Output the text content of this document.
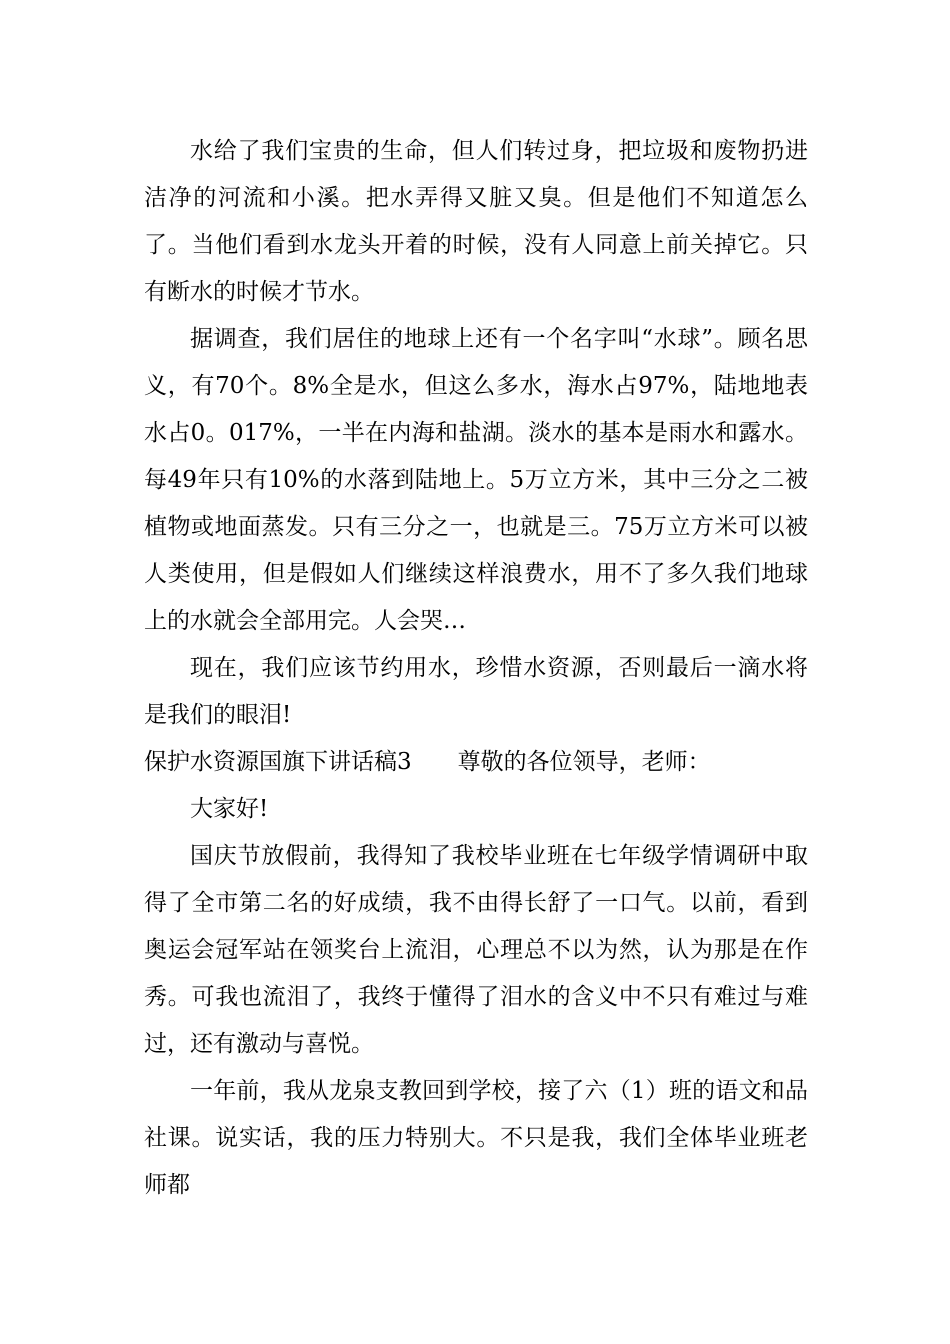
水给了我们宝贵的生命，但人们转过身，把垃圾和废物扔进洁净的河流和小溪。把水弄得又脏又臭。但是他们不知道怎么了。当他们看到水龙头开着的时候，没有人同意上前关掉它。只有断水的时候才节水。

据调查，我们居住的地球上还有一个名字叫“水球”。顾名思义，有70个。8%全是水，但这么多水，海水占97%，陆地地表水占0。017%，一半在内海和盐湖。淡水的基本是雨水和露水。每49年只有10%的水落到陆地上。5万立方米，其中三分之二被植物或地面蒸发。只有三分之一，也就是三。75万立方米可以被人类使用，但是假如人们继续这样浪费水，用不了多久我们地球上的水就会全部用完。人会哭…

现在，我们应该节约用水，珍惜水资源，否则最后一滴水将是我们的眼泪!

保护水资源国旗下讲话稿3 尊敬的各位领导，老师：

大家好!

国庆节放假前，我得知了我校毕业班在七年级学情调研中取得了全市第二名的好成绩，我不由得长舒了一口气。以前，看到奥运会冠军站在领奖台上流泪，心理总不以为然，认为那是在作秀。可我也流泪了，我终于懂得了泪水的含义中不只有难过与难过，还有激动与喜悦。

一年前，我从龙泉支教回到学校，接了六（1）班的语文和品社课。说实话，我的压力特别大。不只是我，我们全体毕业班老师都
